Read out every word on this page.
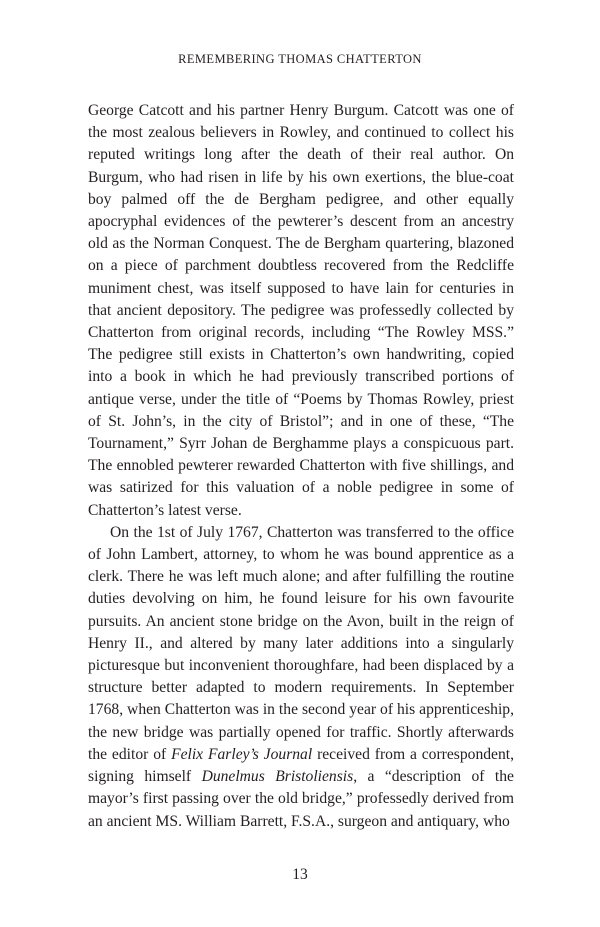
REMEMBERING THOMAS CHATTERTON

George Catcott and his partner Henry Burgum. Catcott was one of the most zealous believers in Rowley, and continued to collect his reputed writings long after the death of their real author. On Burgum, who had risen in life by his own exertions, the blue-coat boy palmed off the de Bergham pedigree, and other equally apocryphal evidences of the pewterer’s descent from an ancestry old as the Norman Conquest. The de Bergham quartering, blazoned on a piece of parchment doubtless recovered from the Redcliffe muniment chest, was itself supposed to have lain for centuries in that ancient depository. The pedigree was professedly collected by Chatterton from original records, including “The Rowley MSS.” The pedigree still exists in Chatterton’s own handwriting, copied into a book in which he had previously transcribed portions of antique verse, under the title of “Poems by Thomas Rowley, priest of St. John’s, in the city of Bristol”; and in one of these, “The Tournament,” Syrr Johan de Berghamme plays a conspicuous part. The ennobled pewterer rewarded Chatterton with five shillings, and was satirized for this valuation of a noble pedigree in some of Chatterton’s latest verse.

On the 1st of July 1767, Chatterton was transferred to the office of John Lambert, attorney, to whom he was bound apprentice as a clerk. There he was left much alone; and after fulfilling the routine duties devolving on him, he found leisure for his own favourite pursuits. An ancient stone bridge on the Avon, built in the reign of Henry II., and altered by many later additions into a singularly picturesque but inconvenient thoroughfare, had been displaced by a structure better adapted to modern requirements. In September 1768, when Chatterton was in the second year of his apprenticeship, the new bridge was partially opened for traffic. Shortly afterwards the editor of Felix Farley’s Journal received from a correspondent, signing himself Dunelmus Bristoliensis, a “description of the mayor’s first passing over the old bridge,” professedly derived from an ancient MS. William Barrett, F.S.A., surgeon and antiquary, who

13
